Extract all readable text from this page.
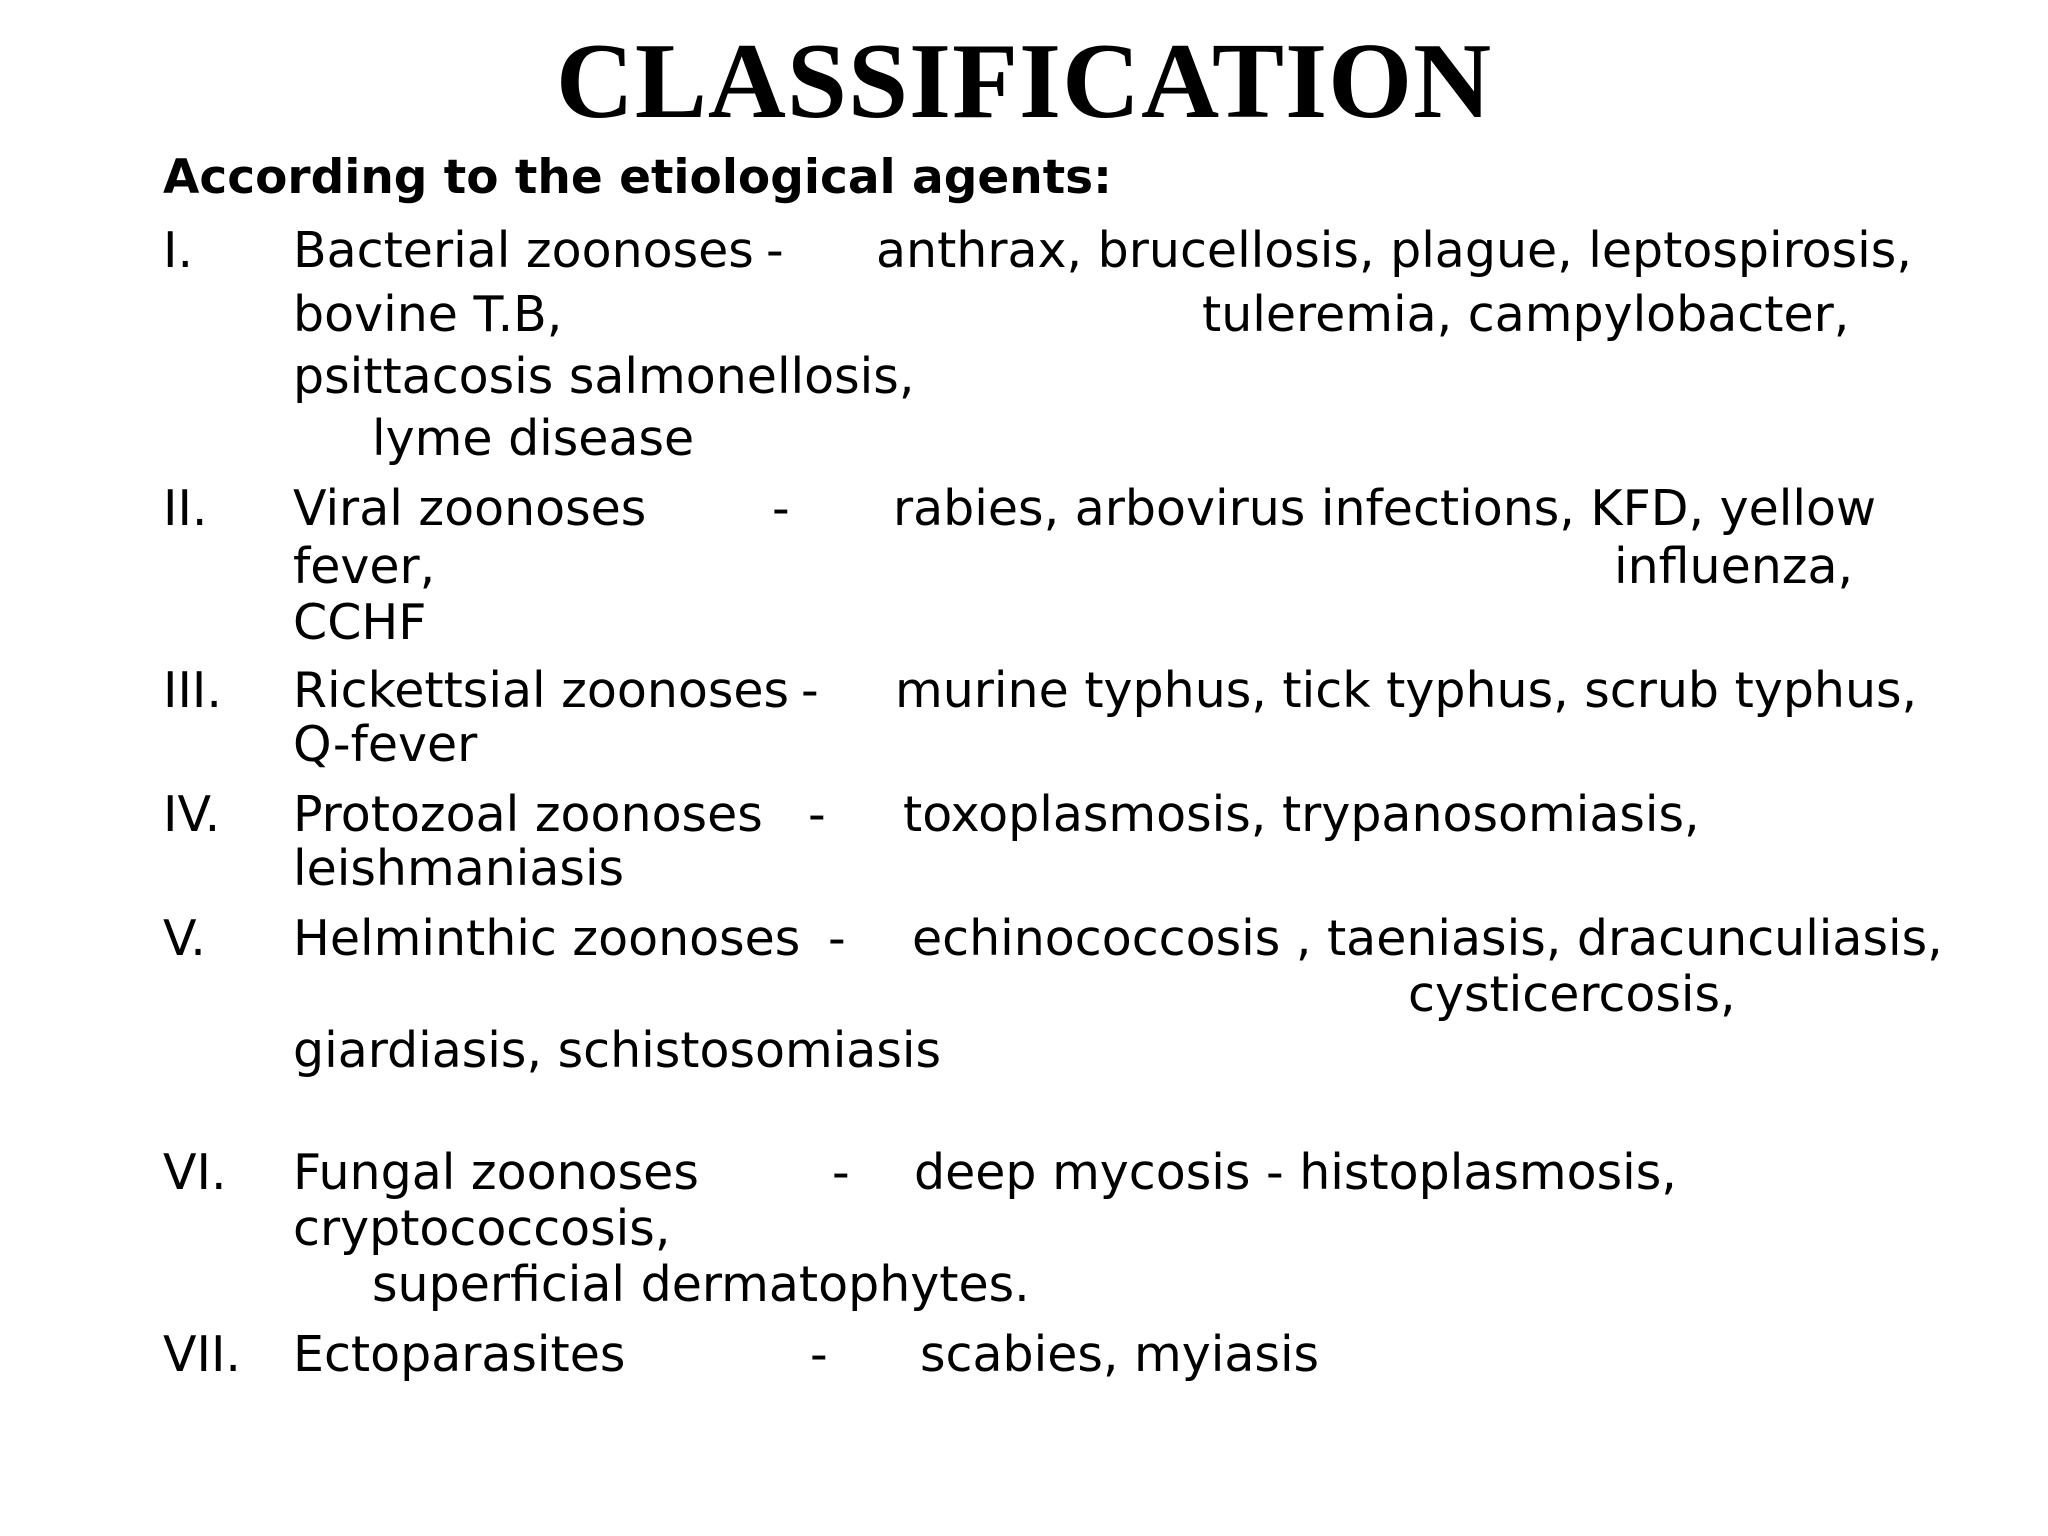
CLASSIFICATION
According to the etiological agents:
I. Bacterial zoonoses - anthrax, brucellosis, plague, leptospirosis,
bovine T.B,	tuleremia, campylobacter,
psittacosis salmonellosis,
lyme disease
II. Viral zoonoses	- rabies, arbovirus infections, KFD, yellow
fever,	influenza,
CCHF
III. Rickettsial zoonoses - murine typhus, tick typhus, scrub typhus,
Q-fever
IV. Protozoal zoonoses - toxoplasmosis, trypanosomiasis,
leishmaniasis
V. Helminthic zoonoses - echinococcosis , taeniasis, dracunculiasis,
cysticercosis,
giardiasis, schistosomiasis
VI. Fungal zoonoses	- deep mycosis - histoplasmosis,
cryptococcosis,
superficial dermatophytes.
VII. Ectoparasites	- scabies, myiasis
